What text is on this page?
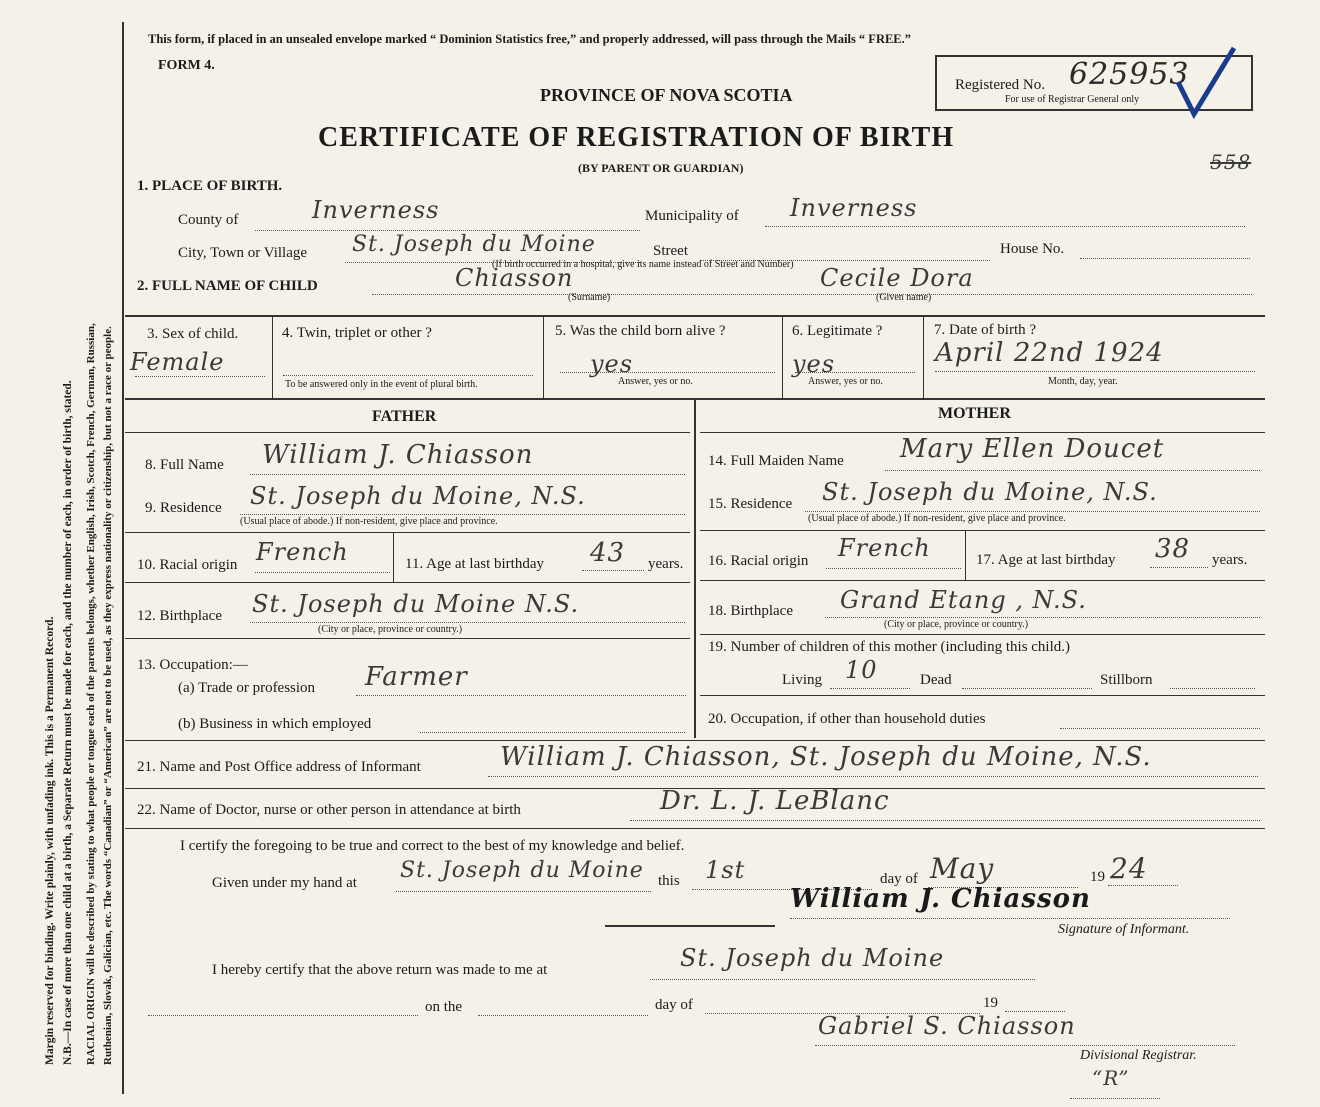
Margin reserved for binding. Write plainly, with unfading ink. This is a Permanent Record. N.B.—In case of more than one child at a birth, a Separate Return must be made for each, and the number of each, in order of birth, stated. RACIAL ORIGIN will be described by stating to what people or tongue each of the parents belongs, whether English, Irish, Scotch, French, German, Russian, Ruthenian, Slovak, Galician, etc. The words “Canadian” or “American” are not to be used, as they express nationality or citizenship, but not a race or people.
This form, if placed in an unsealed envelope marked “ Dominion Statistics free,” and properly addressed, will pass through the Mails “ FREE.”
FORM 4.
PROVINCE OF NOVA SCOTIA
CERTIFICATE OF REGISTRATION OF BIRTH
(BY PARENT OR GUARDIAN)
Registered No. 625953
For use of Registrar General only
558
1. PLACE OF BIRTH.
County of	Inverness	Municipality of Inverness
City, Town or Village St. Joseph du Moine	Street	House No.
(If birth occurred in a hospital, give its name instead of Street and Number)
2. FULL NAME OF CHILD	Chiasson
(Surname)
Cecile Dora
(Given name)
3. Sex of child.
Female
4. Twin, triplet or other ?
To be answered only in the event of plural birth.
5. Was the child born alive ?
yes
Answer, yes or no.
6. Legitimate ?
yes
Answer, yes or no.
7. Date of birth ?
April 22nd 1924
Month, day, year.
FATHER	MOTHER
8. Full Name William J. Chiasson
9. Residence St. Joseph du Moine, N.S.
(Usual place of abode.) If non-resident, give place and province.
10. Racial origin French	11. Age at last birthday 43 years.
12. Birthplace St. Joseph du Moine N.S.
(City or place, province or country.)
13. Occupation:—
(a) Trade or profession Farmer
(b) Business in which employed
14. Full Maiden Name Mary Ellen Doucet
15. Residence St. Joseph du Moine, N.S.
(Usual place of abode.) If non-resident, give place and province.
16. Racial origin French	17. Age at last birthday 38 years.
18. Birthplace Grand Etang , N.S.
(City or place, province or country.)
19. Number of children of this mother (including this child.)
Living 10	Dead	Stillborn
20. Occupation, if other than household duties
21. Name and Post Office address of Informant	William J. Chiasson, St. Joseph du Moine, N.S.
22. Name of Doctor, nurse or other person in attendance at birth	Dr. L. J. LeBlanc
I certify the foregoing to be true and correct to the best of my knowledge and belief.
Given under my hand at St. Joseph du Moine this 1st	day of May	19 24
William J. Chiasson
Signature of Informant.
I hereby certify that the above return was made to me at	St. Joseph du Moine
on the	day of	19
Gabriel S. Chiasson
Divisional Registrar.
“R”
